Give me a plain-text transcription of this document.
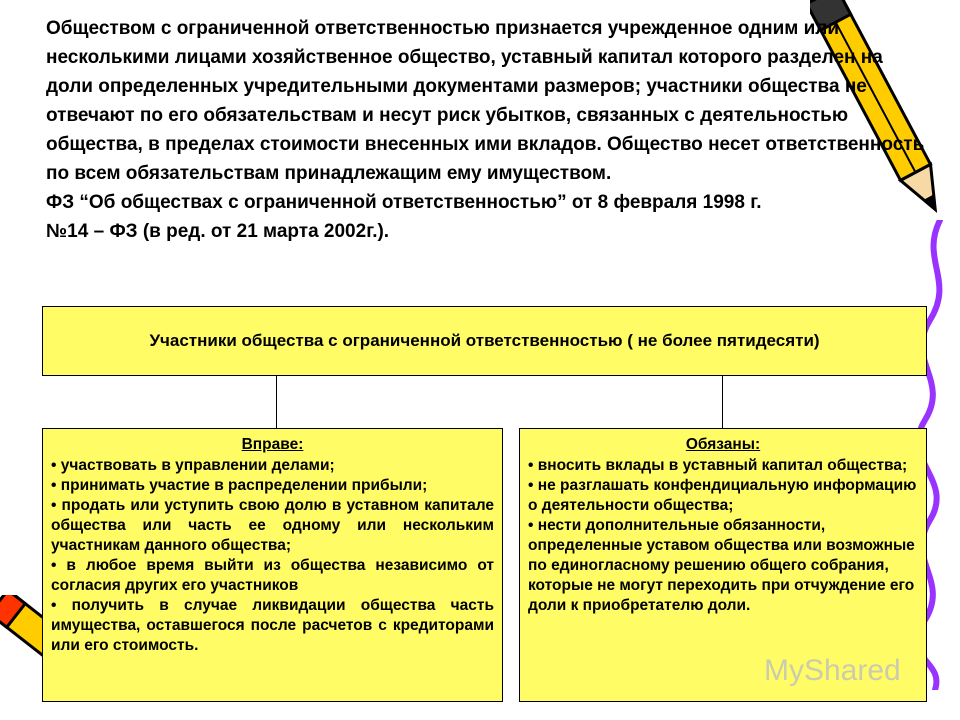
Обществом с ограниченной ответственностью признается учрежденное одним или несколькими лицами хозяйственное общество, уставный капитал которого разделен на доли определенных учредительными документами размеров; участники общества не отвечают по его обязательствам и несут риск убытков, связанных с деятельностью общества, в пределах стоимости внесенных ими вкладов. Общество несет ответственность по всем обязательствам принадлежащим ему имуществом.

ФЗ “Об обществах с ограниченной ответственностью” от 8 февраля 1998 г.

№14 – ФЗ (в ред. от 21 марта 2002г.).

Участники общества с ограниченной ответственностью ( не более пятидесяти)
Вправе:
• участвовать в управлении делами;
• принимать участие в распределении прибыли;
• продать или уступить свою долю в уставном капитале общества или часть ее одному или нескольким участникам данного общества;
• в любое время выйти из общества независимо от согласия других его участников
• получить в случае ликвидации общества часть имущества, оставшегося после расчетов с кредиторами или его стоимость.
Обязаны:
• вносить вклады в уставный капитал общества;
• не разглашать конфендициальную информацию о деятельности общества;
• нести дополнительные обязанности, определенные уставом общества или возможные по единогласному решению общего собрания, которые не могут переходить при отчуждение его доли к приобретателю доли.
MyShared
